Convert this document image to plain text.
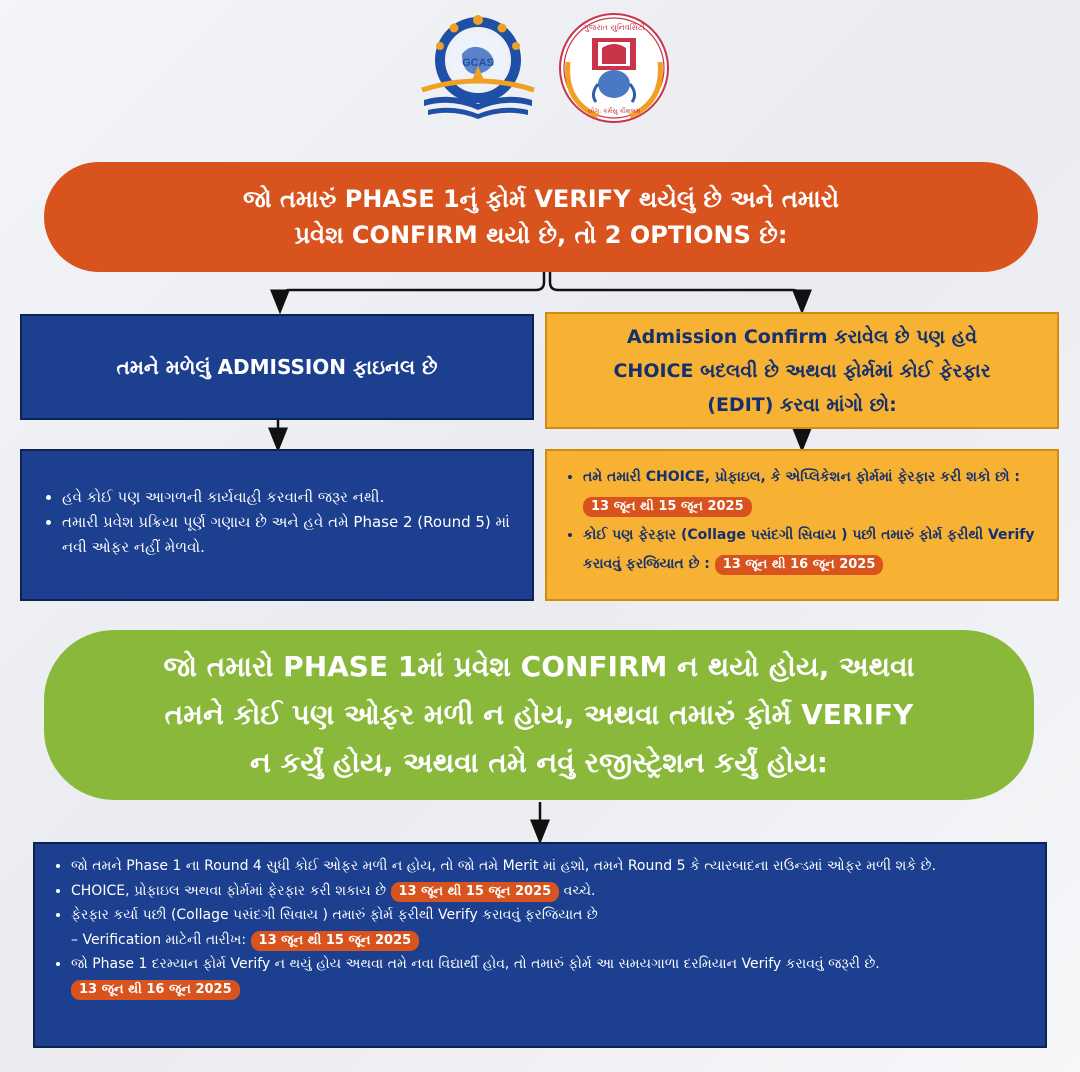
GCAS
ગુજરાત યુનિવર્સિટી
યોગઃ કર્મસુ કૌશલમ્
જો તમારું PHASE 1નું ફોર્મ VERIFY થયેલું છે અને તમારો
પ્રવેશ CONFIRM થયો છે, તો 2 OPTIONS છે:
તમને મળેલું ADMISSION ફાઇનલ છે
Admission Confirm કરાવેલ છે પણ હવે
CHOICE બદલવી છે અથવા ફોર્મમાં કોઈ ફેરફાર
(EDIT) કરવા માંગો છો:
• હવે કોઈ પણ આગળની કાર્યવાહી કરવાની જરૂર નથી.
• તમારી પ્રવેશ પ્રક્રિયા પૂર્ણ ગણાય છે અને હવે તમે Phase 2 (Round 5) માં નવી ઓફર નહીં મેળવો.
• તમે તમારી CHOICE, પ્રોફાઇલ, કે એપ્લિકેશન ફોર્મમાં ફેરફાર કરી શકો છો : 13 જૂન થી 15 જૂન 2025
• કોઈ પણ ફેરફાર (Collage પસંદગી સિવાય ) પછી તમારું ફોર્મ ફરીથી Verify કરાવવું ફરજિયાત છે : 13 જૂન થી 16 જૂન 2025
જો તમારો PHASE 1માં પ્રવેશ CONFIRM ન થયો હોય, અથવા
તમને કોઈ પણ ઓફર મળી ન હોય, અથવા તમારું ફોર્મ VERIFY
ન કર્યું હોય, અથવા તમે નવું રજીસ્ટ્રેશન કર્યું હોય:
• જો તમને Phase 1 ના Round 4 સુધી કોઈ ઓફર મળી ન હોય, તો જો તમે Merit માં હશો, તમને Round 5 કે ત્યારબાદના રાઉન્ડમાં ઓફર મળી શકે છે.
• CHOICE, પ્રોફાઇલ અથવા ફોર્મમાં ફેરફાર કરી શકાય છે 13 જૂન થી 15 જૂન 2025 વચ્ચે.
• ફેરફાર કર્યા પછી (Collage પસંદગી સિવાય ) તમારું ફોર્મ ફરીથી Verify કરાવવું ફરજિયાત છે
– Verification માટેની તારીખ: 13 જૂન થી 15 જૂન 2025
• જો Phase 1 દરમ્યાન ફોર્મ Verify ન થયું હોય અથવા તમે નવા વિદ્યાર્થી હોવ, તો તમારું ફોર્મ આ સમયગાળા દરમિયાન Verify કરાવવું જરૂરી છે. 13 જૂન થી 16 જૂન 2025
